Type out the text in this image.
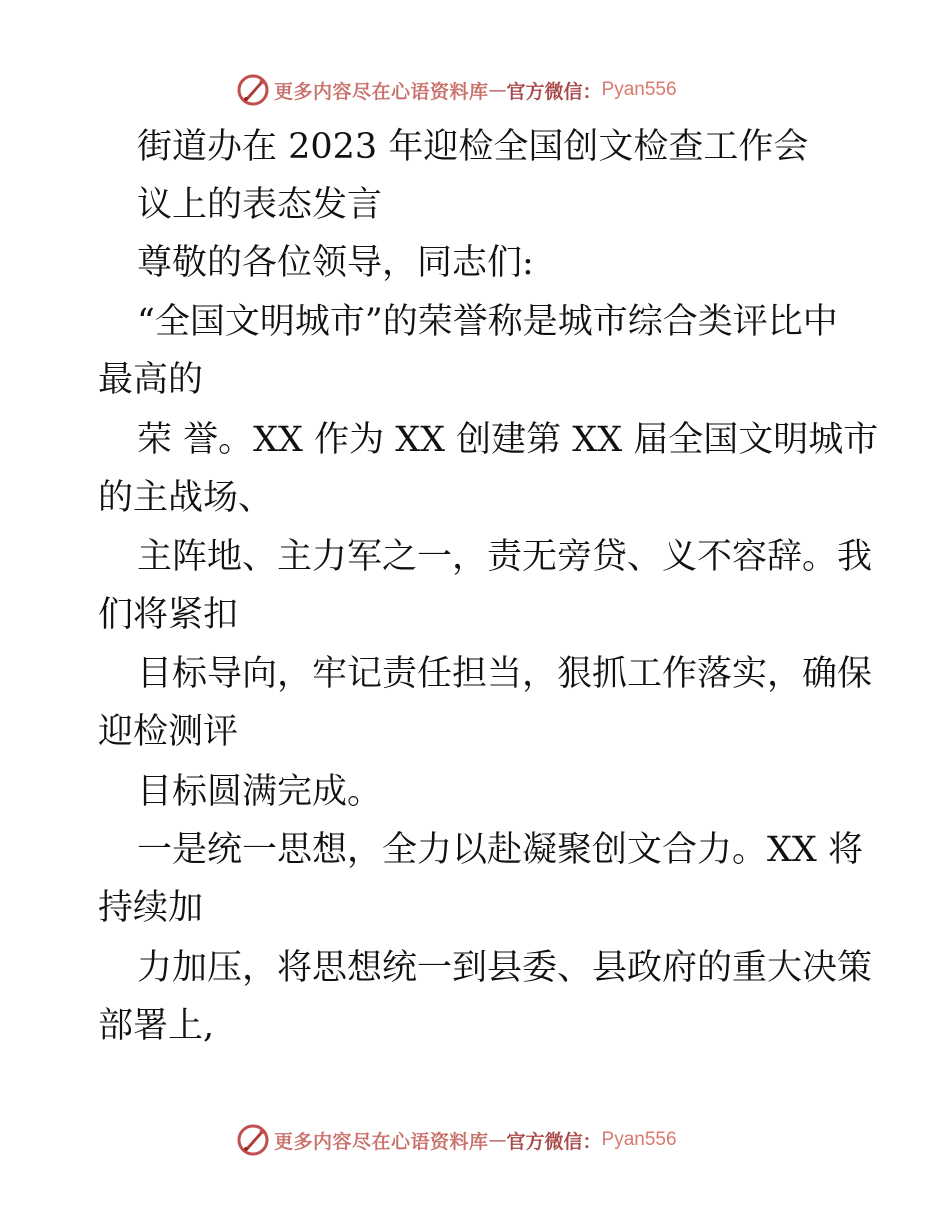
更多内容尽在心语资料库 — 官方微信： Pyan556
街道办在 2023 年迎检全国创文检查工作会
议上的表态发言
尊敬的各位领导，同志们:
“全国文明城市”的荣誉称是城市综合类评比中
最高的
荣 誉。XX 作为 XX 创建第 XX 届全国文明城市
的主战场、
主阵地、主力军之一，责无旁贷、义不容辞。我
们将紧扣
目标导向，牢记责任担当，狠抓工作落实，确保
迎检测评
目标圆满完成。
一是统一思想，全力以赴凝聚创文合力。XX 将
持续加
力加压，将思想统一到县委、县政府的重大决策
部署上,
更多内容尽在心语资料库 — 官方微信： Pyan556
